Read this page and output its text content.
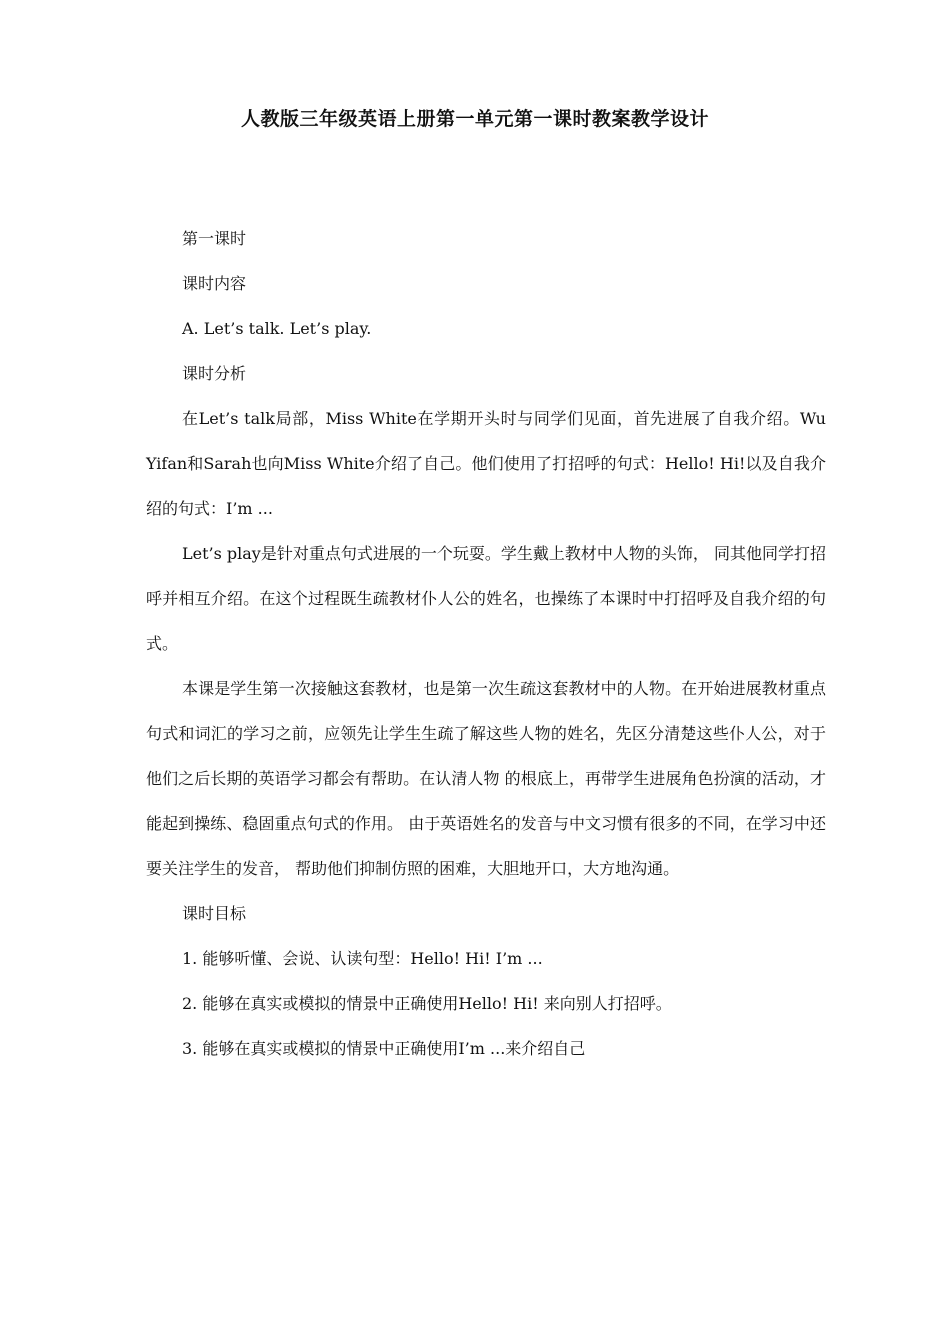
人教版三年级英语上册第一单元第一课时教案教学设计

第一课时

课时内容

A. Let’s talk. Let’s play.

课时分析

在Let’s talk局部，Miss White在学期开头时与同学们见面，首先进展了自我介绍。Wu Yifan和Sarah也向Miss White介绍了自己。他们使用了打招呼的句式：Hello! Hi!以及自我介绍的句式：I’m ...

Let’s play是针对重点句式进展的一个玩耍。学生戴上教材中人物的头饰， 同其他同学打招呼并相互介绍。在这个过程既生疏教材仆人公的姓名，也操练了本课时中打招呼及自我介绍的句式。

本课是学生第一次接触这套教材，也是第一次生疏这套教材中的人物。在开始进展教材重点句式和词汇的学习之前，应领先让学生生疏了解这些人物的姓名，先区分清楚这些仆人公，对于他们之后长期的英语学习都会有帮助。在认清人物 的根底上，再带学生进展角色扮演的活动，才能起到操练、稳固重点句式的作用。 由于英语姓名的发音与中文习惯有很多的不同，在学习中还要关注学生的发音， 帮助他们抑制仿照的困难，大胆地开口，大方地沟通。

课时目标

1. 能够听懂、会说、认读句型：Hello! Hi! I’m ...

2. 能够在真实或模拟的情景中正确使用Hello! Hi! 来向别人打招呼。

3. 能够在真实或模拟的情景中正确使用I’m ...来介绍自己
